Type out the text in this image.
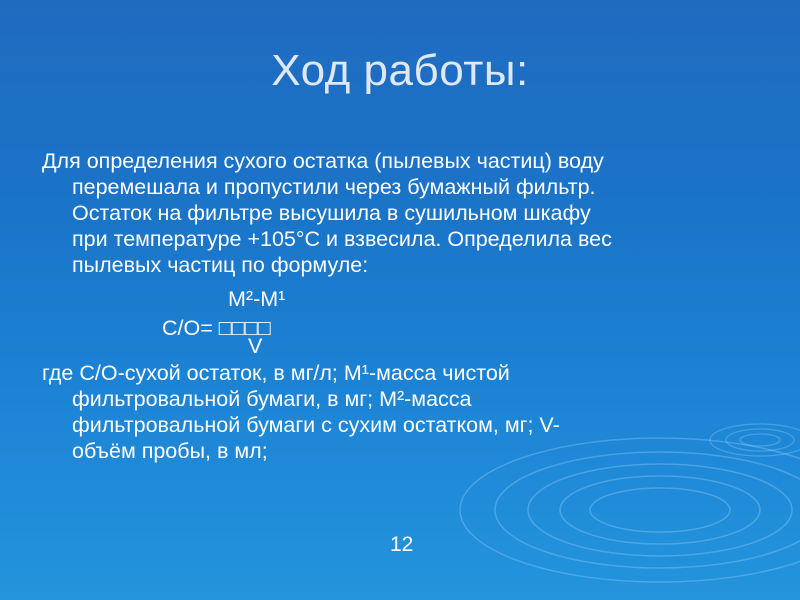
Ход работы:
Для определения сухого остатка (пылевых частиц) воду
перемешала и пропустили через бумажный фильтр.
Остаток на фильтре высушила в сушильном шкафу
при температуре +105°С и взвесила. Определила вес
пылевых частиц по формуле:
М²-М¹
С/О= □□□□
V
где С/О-сухой остаток, в мг/л; М¹-масса чистой
фильтровальной бумаги, в мг; М²-масса
фильтровальной бумаги с сухим остатком, мг; V-
объём пробы, в мл;
12
